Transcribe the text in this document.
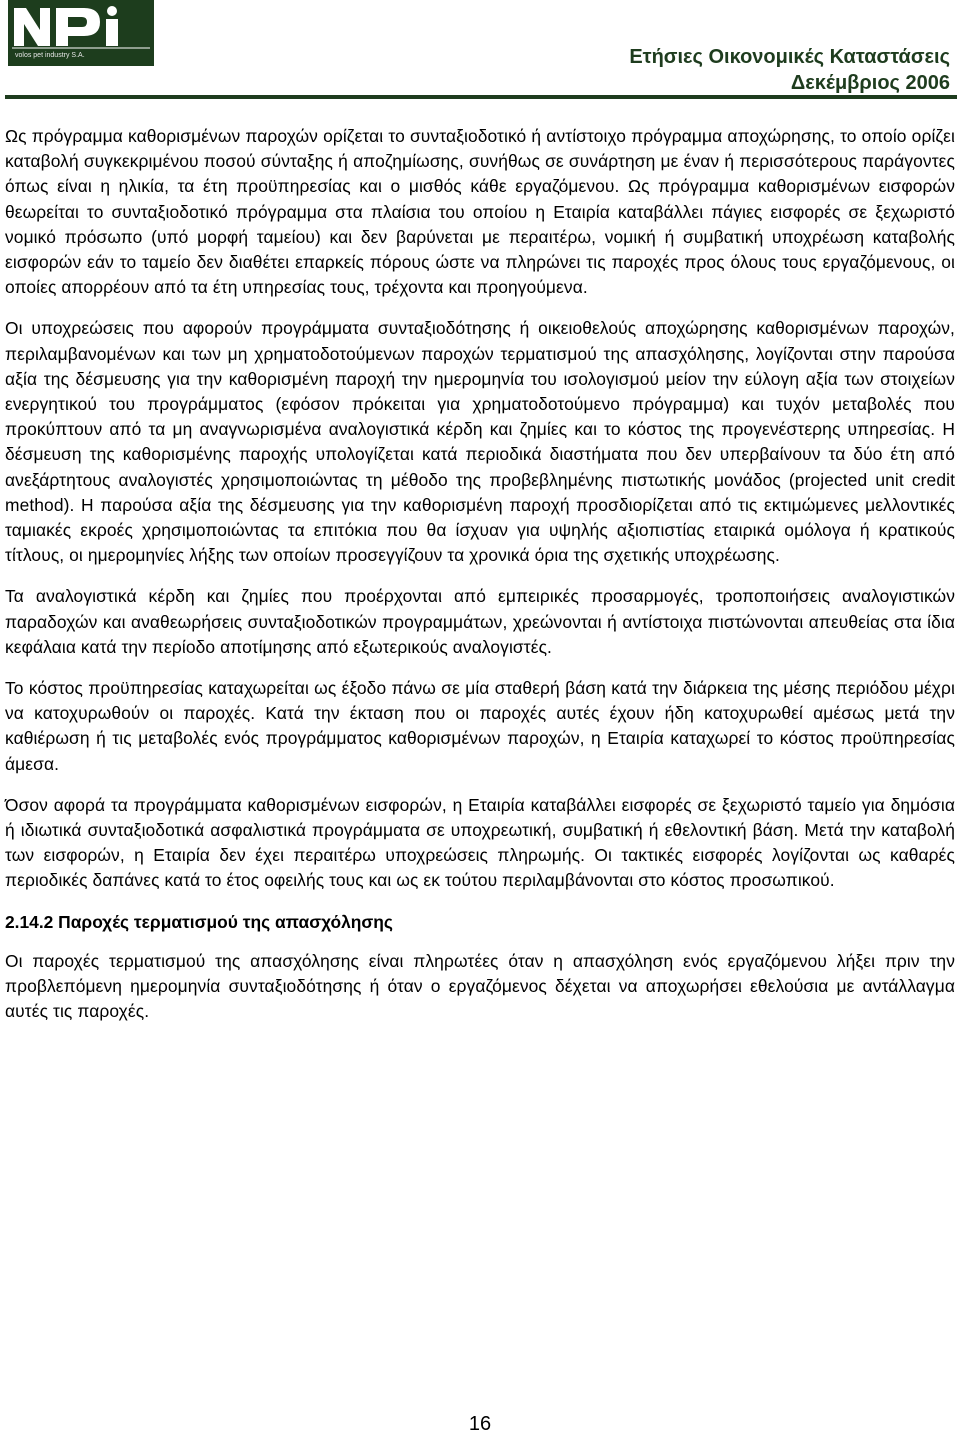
volos pet industry S.A.	Ετήσιες Οικονομικές Καταστάσεις
Δεκέμβριος 2006

Ως πρόγραμμα καθορισμένων παροχών ορίζεται το συνταξιοδοτικό ή αντίστοιχο πρόγραμμα αποχώρησης, το οποίο ορίζει καταβολή συγκεκριμένου ποσού σύνταξης ή αποζημίωσης, συνήθως σε συνάρτηση με έναν ή περισσότερους παράγοντες όπως είναι η ηλικία, τα έτη προϋπηρεσίας και ο μισθός κάθε εργαζόμενου. Ως πρόγραμμα καθορισμένων εισφορών θεωρείται το συνταξιοδοτικό πρόγραμμα στα πλαίσια του οποίου η Εταιρία καταβάλλει πάγιες εισφορές σε ξεχωριστό νομικό πρόσωπο (υπό μορφή ταμείου) και δεν βαρύνεται με περαιτέρω, νομική ή συμβατική υποχρέωση καταβολής εισφορών εάν το ταμείο δεν διαθέτει επαρκείς πόρους ώστε να πληρώνει τις παροχές προς όλους τους εργαζόμενους, οι οποίες απορρέουν από τα έτη υπηρεσίας τους, τρέχοντα και προηγούμενα.

Οι υποχρεώσεις που αφορούν προγράμματα συνταξιοδότησης ή οικειοθελούς αποχώρησης καθορισμένων παροχών, περιλαμβανομένων και των μη χρηματοδοτούμενων παροχών τερματισμού της απασχόλησης, λογίζονται στην παρούσα αξία της δέσμευσης για την καθορισμένη παροχή την ημερομηνία του ισολογισμού μείον την εύλογη αξία των στοιχείων ενεργητικού του προγράμματος (εφόσον πρόκειται για χρηματοδοτούμενο πρόγραμμα) και τυχόν μεταβολές που προκύπτουν από τα μη αναγνωρισμένα αναλογιστικά κέρδη και ζημίες και το κόστος της προγενέστερης υπηρεσίας. Η δέσμευση της καθορισμένης παροχής υπολογίζεται κατά περιοδικά διαστήματα που δεν υπερβαίνουν τα δύο έτη από ανεξάρτητους αναλογιστές χρησιμοποιώντας τη μέθοδο της προβεβλημένης πιστωτικής μονάδος (projected unit credit method). Η παρούσα αξία της δέσμευσης για την καθορισμένη παροχή προσδιορίζεται από τις εκτιμώμενες μελλοντικές ταμιακές εκροές χρησιμοποιώντας τα επιτόκια που θα ίσχυαν για υψηλής αξιοπιστίας εταιρικά ομόλογα ή κρατικούς τίτλους, οι ημερομηνίες λήξης των οποίων προσεγγίζουν τα χρονικά όρια της σχετικής υποχρέωσης.

Τα αναλογιστικά κέρδη και ζημίες που προέρχονται από εμπειρικές προσαρμογές, τροποποιήσεις αναλογιστικών παραδοχών και αναθεωρήσεις συνταξιοδοτικών προγραμμάτων, χρεώνονται ή αντίστοιχα πιστώνονται απευθείας στα ίδια κεφάλαια κατά την περίοδο αποτίμησης από εξωτερικούς αναλογιστές.

Το κόστος προϋπηρεσίας καταχωρείται ως έξοδο πάνω σε μία σταθερή βάση κατά την διάρκεια της μέσης περιόδου μέχρι να κατοχυρωθούν οι παροχές. Κατά την έκταση που οι παροχές αυτές έχουν ήδη κατοχυρωθεί αμέσως μετά την καθιέρωση ή τις μεταβολές ενός προγράμματος καθορισμένων παροχών, η Εταιρία καταχωρεί το κόστος προϋπηρεσίας άμεσα.

Όσον αφορά τα προγράμματα καθορισμένων εισφορών, η Εταιρία καταβάλλει εισφορές σε ξεχωριστό ταμείο για δημόσια ή ιδιωτικά συνταξιοδοτικά ασφαλιστικά προγράμματα σε υποχρεωτική, συμβατική ή εθελοντική βάση. Μετά την καταβολή των εισφορών, η Εταιρία δεν έχει περαιτέρω υποχρεώσεις πληρωμής. Οι τακτικές εισφορές λογίζονται ως καθαρές περιοδικές δαπάνες κατά το έτος οφειλής τους και ως εκ τούτου περιλαμβάνονται στο κόστος προσωπικού.

2.14.2 Παροχές τερματισμού της απασχόλησης

Οι παροχές τερματισμού της απασχόλησης είναι πληρωτέες όταν η απασχόληση ενός εργαζόμενου λήξει πριν την προβλεπόμενη ημερομηνία συνταξιοδότησης ή όταν ο εργαζόμενος δέχεται να αποχωρήσει εθελούσια με αντάλλαγμα αυτές τις παροχές.

16
